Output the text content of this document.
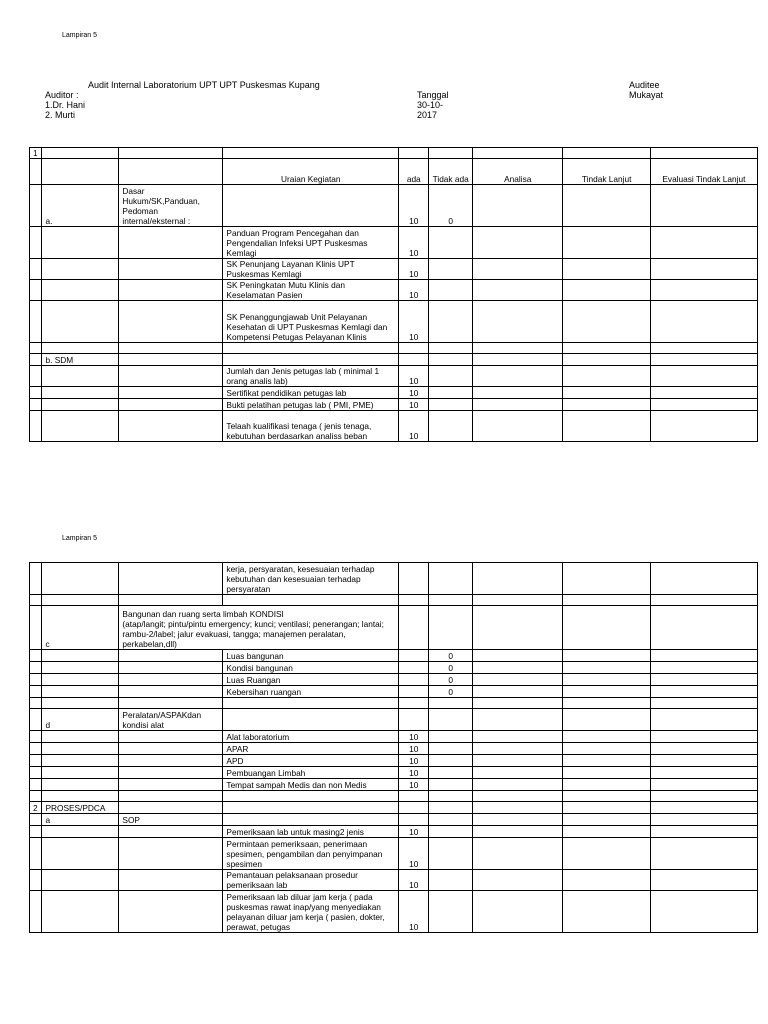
Lampiran 5
Audit Internal Laboratorium UPT UPT Puskesmas Kupang
Auditor :
1.Dr. Hani
2. Murti
Tanggal
30-10-
2017
Auditee
Mukayat
1								
			Uraian Kegiatan	ada	Tidak ada	Analisa	Tindak Lanjut	Evaluasi Tindak Lanjut
	a.	Dasar Hukum/SK,Panduan, Pedoman internal/eksternal :		10	0			
			Panduan Program Pencegahan dan Pengendalian Infeksi UPT Puskesmas Kemlagi	10				
			SK Penunjang Layanan Klinis UPT Puskesmas Kemlagi	10				
			SK Peningkatan Mutu Klinis dan Keselamatan Pasien	10				
			SK Penanggungjawab Unit Pelayanan Kesehatan di UPT Puskesmas Kemlagi dan Kompetensi Petugas Pelayanan Klinis	10				

	b. SDM							
			Jumlah dan Jenis petugas lab ( minimal 1 orang analis lab)	10				
			Sertifikat pendidikan petugas lab	10				
			Bukti pelatihan petugas lab ( PMI, PME)	10				
			Telaah kualifikasi tenaga ( jenis tenaga, kebutuhan berdasarkan analiss beban	10				
Lampiran 5
			kerja, persyaratan, kesesuaian terhadap kebutuhan dan kesesuaian terhadap persyaratan					

	c	Bangunan dan ruang serta limbah KONDISI
(atap/langit; pintu/pintu emergency; kunci; ventilasi; penerangan; lantai; rambu-2/label; jalur evakuasi, tangga; manajemen peralatan, perkabelan,dll)						
			Luas bangunan		0			
			Kondisi bangunan		0			
			Luas Ruangan		0			
			Kebersihan ruangan		0			

	d	Peralatan/ASPAKdan kondisi alat						
			Alat laboratorium	10				
			APAR	10				
			APD	10				
			Pembuangan Limbah	10				
			Tempat sampah Medis dan non Medis	10				

2	PROSES/PDCA							
	a	SOP						
			Pemeriksaan lab untuk masing2 jenis	10				
			Permintaan pemeriksaan, penerimaan spesimen, pengambilan dan penyimpanan spesimen	10				
			Pemantauan pelaksanaan prosedur pemeriksaan lab	10				
			Pemeriksaan lab diluar jam kerja ( pada puskesmas rawat inap/yang menyediakan pelayanan diluar jam kerja ( pasien, dokter, perawat, petugas	10				
